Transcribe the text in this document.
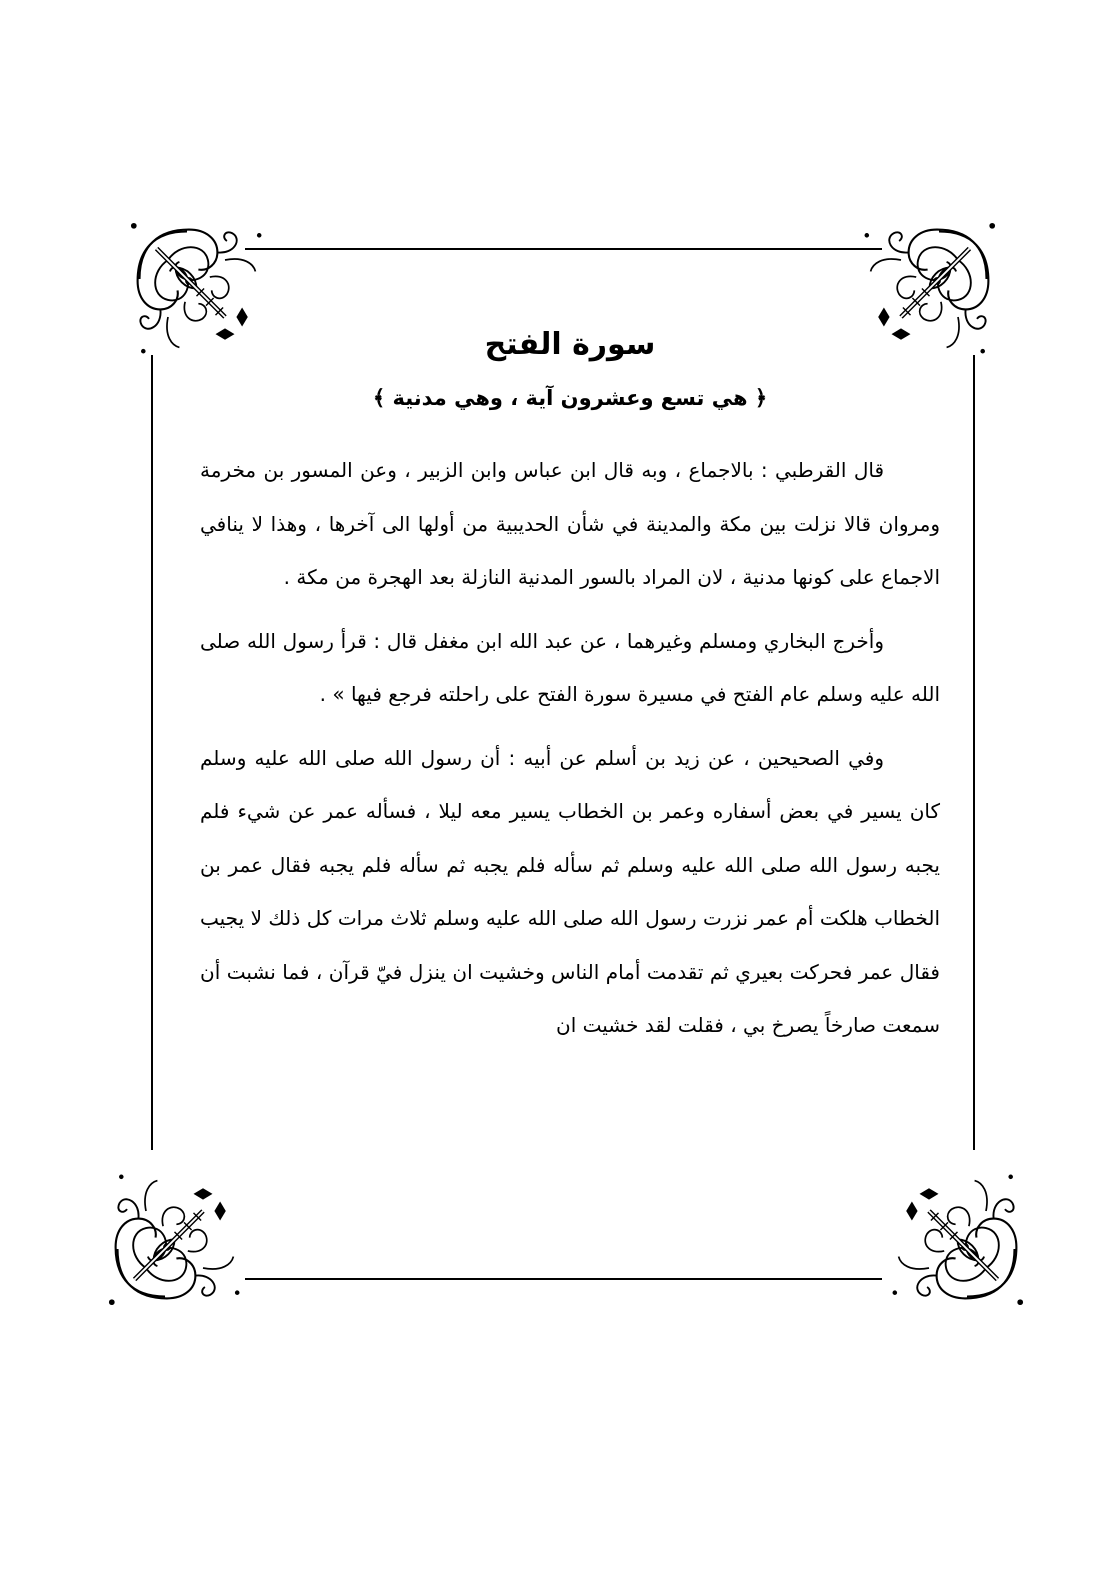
سورة الفتح
﴿ هي تسع وعشرون آية ، وهي مدنية ﴾

قال القرطبي : بالاجماع ، وبه قال ابن عباس وابن الزبير ، وعن المسور بن مخرمة ومروان قالا نزلت بين مكة والمدينة في شأن الحديبية من أولها الى آخرها ، وهذا لا ينافي الاجماع على كونها مدنية ، لان المراد بالسور المدنية النازلة بعد الهجرة من مكة .

وأخرج البخاري ومسلم وغيرهما ، عن عبد الله ابن مغفل قال : قرأ رسول الله صلى الله عليه وسلم عام الفتح في مسيرة سورة الفتح على راحلته فرجع فيها » .

وفي الصحيحين ، عن زيد بن أسلم عن أبيه : أن رسول الله صلى الله عليه وسلم كان يسير في بعض أسفاره وعمر بن الخطاب يسير معه ليلا ، فسأله عمر عن شيء فلم يجبه رسول الله صلى الله عليه وسلم ثم سأله فلم يجبه ثم سأله فلم يجبه فقال عمر بن الخطاب هلكت أم عمر نزرت رسول الله صلى الله عليه وسلم ثلاث مرات كل ذلك لا يجيب فقال عمر فحركت بعيري ثم تقدمت أمام الناس وخشيت ان ينزل فيّ قرآن ، فما نشبت أن سمعت صارخاً يصرخ بي ، فقلت لقد خشيت ان
